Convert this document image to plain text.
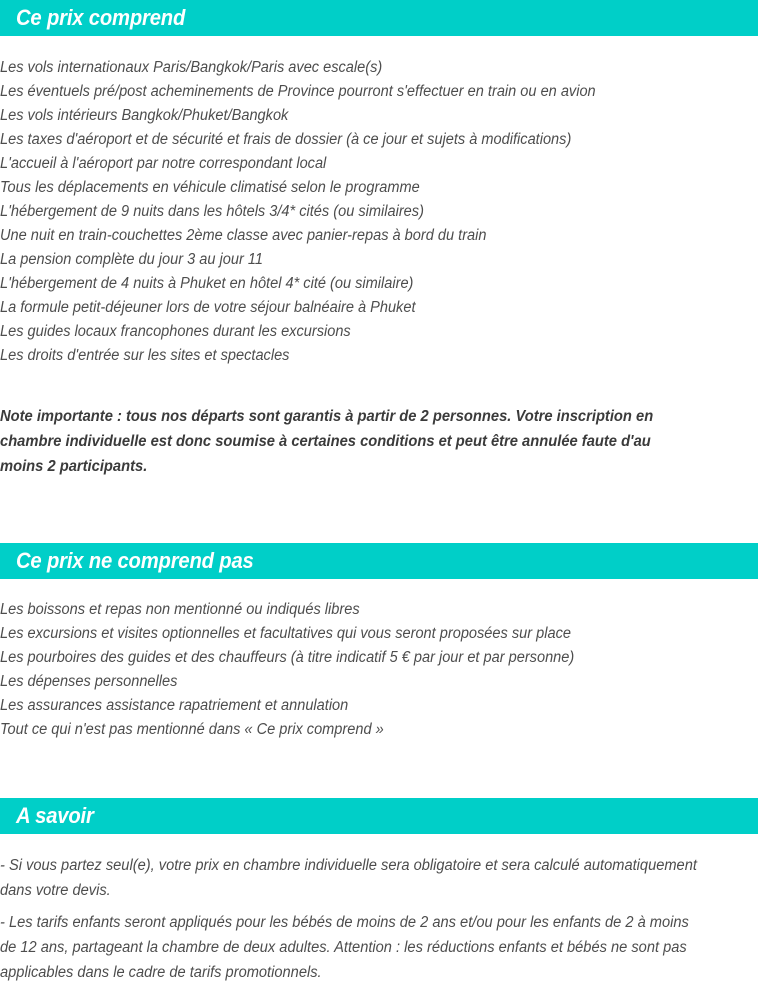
Ce prix comprend
Les vols internationaux Paris/Bangkok/Paris avec escale(s)
Les éventuels pré/post acheminements de Province pourront s'effectuer en train ou en avion
Les vols intérieurs Bangkok/Phuket/Bangkok
Les taxes d'aéroport et de sécurité et frais de dossier (à ce jour et sujets à modifications)
L'accueil à l'aéroport par notre correspondant local
Tous les déplacements en véhicule climatisé selon le programme
L'hébergement de 9 nuits dans les hôtels 3/4* cités (ou similaires)
Une nuit en train-couchettes 2ème classe avec panier-repas à bord du train
La pension complète du jour 3 au jour 11
L'hébergement de 4 nuits à Phuket en hôtel 4* cité (ou similaire)
La formule petit-déjeuner lors de votre séjour balnéaire à Phuket
Les guides locaux francophones durant les excursions
Les droits d'entrée sur les sites et spectacles

Note importante : tous nos départs sont garantis à partir de 2 personnes. Votre inscription en chambre individuelle est donc soumise à certaines conditions et peut être annulée faute d'au moins 2 participants.

Ce prix ne comprend pas
Les boissons et repas non mentionné ou indiqués libres
Les excursions et visites optionnelles et facultatives qui vous seront proposées sur place
Les pourboires des guides et des chauffeurs (à titre indicatif 5 € par jour et par personne)
Les dépenses personnelles
Les assurances assistance rapatriement et annulation
Tout ce qui n'est pas mentionné dans « Ce prix comprend »
A savoir

- Si vous partez seul(e), votre prix en chambre individuelle sera obligatoire et sera calculé automatiquement dans votre devis.

- Les tarifs enfants seront appliqués pour les bébés de moins de 2 ans et/ou pour les enfants de 2 à moins de 12 ans, partageant la chambre de deux adultes. Attention : les réductions enfants et bébés ne sont pas applicables dans le cadre de tarifs promotionnels.
